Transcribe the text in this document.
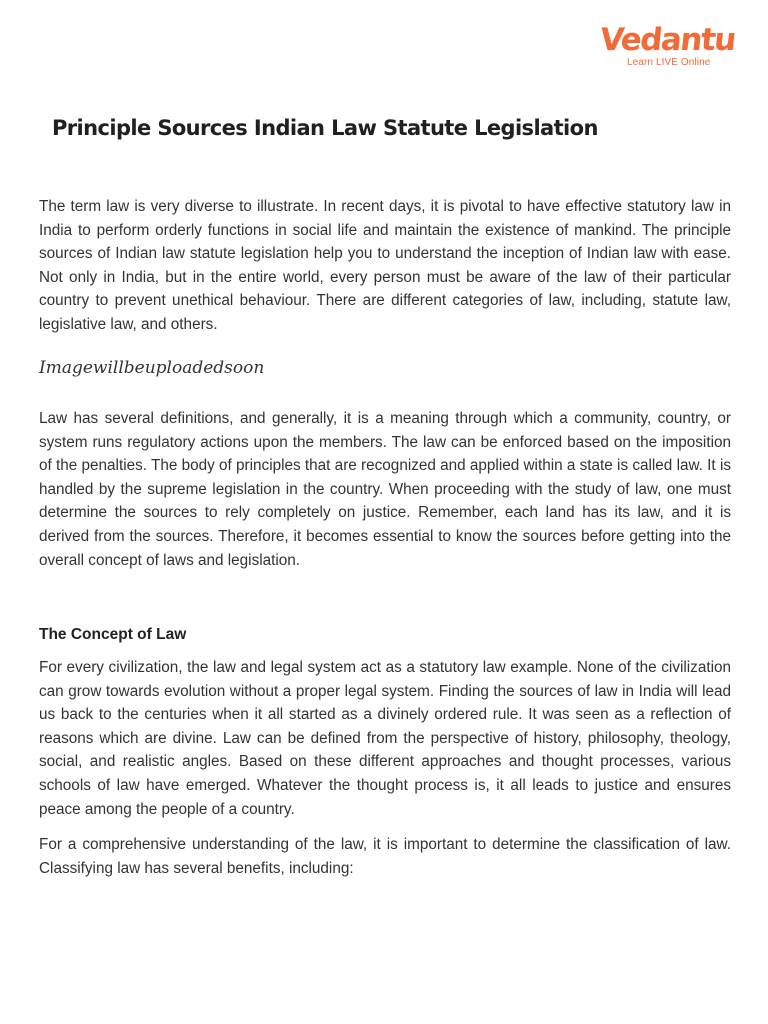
Vedantu
Learn LIVE Online
Principle Sources Indian Law Statute Legislation

The term law is very diverse to illustrate. In recent days, it is pivotal to have effective statutory law in India to perform orderly functions in social life and maintain the existence of mankind. The principle sources of Indian law statute legislation help you to understand the inception of Indian law with ease. Not only in India, but in the entire world, every person must be aware of the law of their particular country to prevent unethical behaviour. There are different categories of law, including, statute law, legislative law, and others.

Imagewillbeuploadedsoon

Law has several definitions, and generally, it is a meaning through which a community, country, or system runs regulatory actions upon the members. The law can be enforced based on the imposition of the penalties. The body of principles that are recognized and applied within a state is called law. It is handled by the supreme legislation in the country. When proceeding with the study of law, one must determine the sources to rely completely on justice. Remember, each land has its law, and it is derived from the sources. Therefore, it becomes essential to know the sources before getting into the overall concept of laws and legislation.

The Concept of Law

For every civilization, the law and legal system act as a statutory law example. None of the civilization can grow towards evolution without a proper legal system. Finding the sources of law in India will lead us back to the centuries when it all started as a divinely ordered rule. It was seen as a reflection of reasons which are divine. Law can be defined from the perspective of history, philosophy, theology, social, and realistic angles. Based on these different approaches and thought processes, various schools of law have emerged. Whatever the thought process is, it all leads to justice and ensures peace among the people of a country.

For a comprehensive understanding of the law, it is important to determine the classification of law. Classifying law has several benefits, including:
